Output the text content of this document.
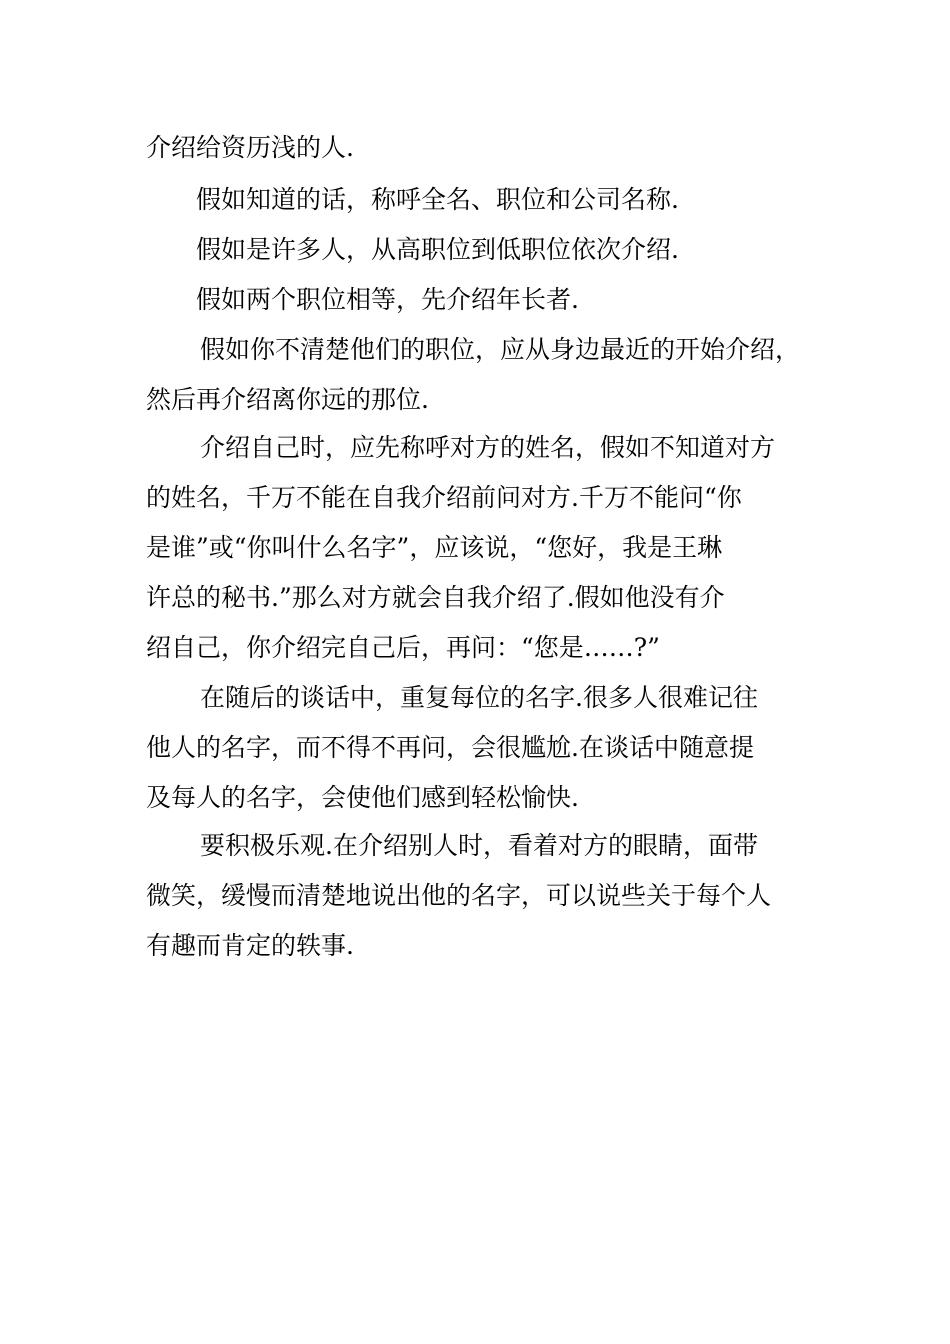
介绍给资历浅的人.
假如知道的话，称呼全名、职位和公司名称.
假如是许多人，从高职位到低职位依次介绍.
假如两个职位相等，先介绍年长者.
假如你不清楚他们的职位，应从身边最近的开始介绍，
然后再介绍离你远的那位.
介绍自己时，应先称呼对方的姓名，假如不知道对方
的姓名，千万不能在自我介绍前问对方.千万不能问“你
是谁”或“你叫什么名字”，应该说，“您好，我是王琳
许总的秘书.”那么对方就会自我介绍了.假如他没有介
绍自己，你介绍完自己后，再问：“您是……?”
在随后的谈话中，重复每位的名字.很多人很难记往
他人的名字，而不得不再问，会很尴尬.在谈话中随意提
及每人的名字，会使他们感到轻松愉快.
要积极乐观.在介绍别人时，看着对方的眼睛，面带
微笑，缓慢而清楚地说出他的名字，可以说些关于每个人
有趣而肯定的轶事.
